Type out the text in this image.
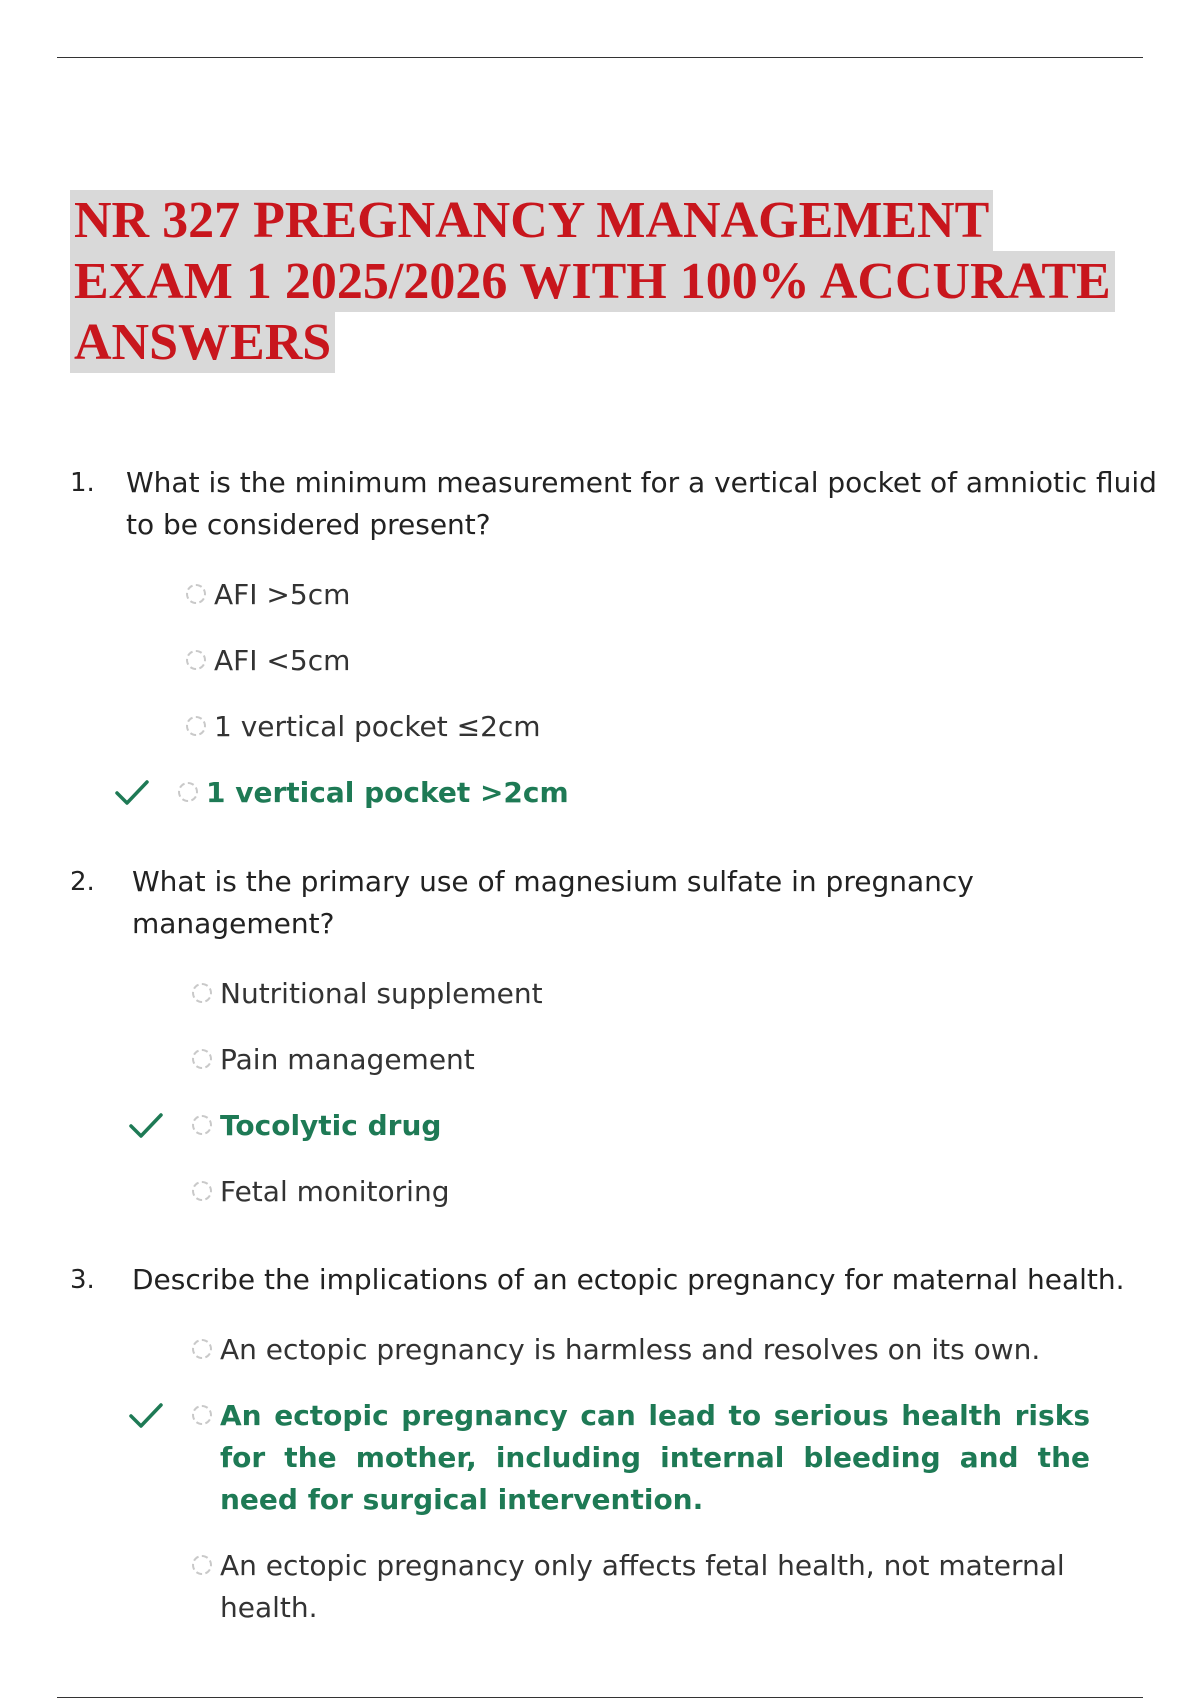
NR 327 PREGNANCY MANAGEMENT
EXAM 1 2025/2026 WITH 100% ACCURATE
ANSWERS
1. What is the minimum measurement for a vertical pocket of amniotic fluid to be considered present?

AFI >5cm
AFI <5cm
1 vertical pocket ≤2cm
1 vertical pocket >2cm
2. What is the primary use of magnesium sulfate in pregnancy management?

Nutritional supplement
Pain management
Tocolytic drug
Fetal monitoring
3. Describe the implications of an ectopic pregnancy for maternal health.

An ectopic pregnancy is harmless and resolves on its own.
An ectopic pregnancy can lead to serious health risks for the mother, including internal bleeding and the need for surgical intervention.
An ectopic pregnancy only affects fetal health, not maternal health.
